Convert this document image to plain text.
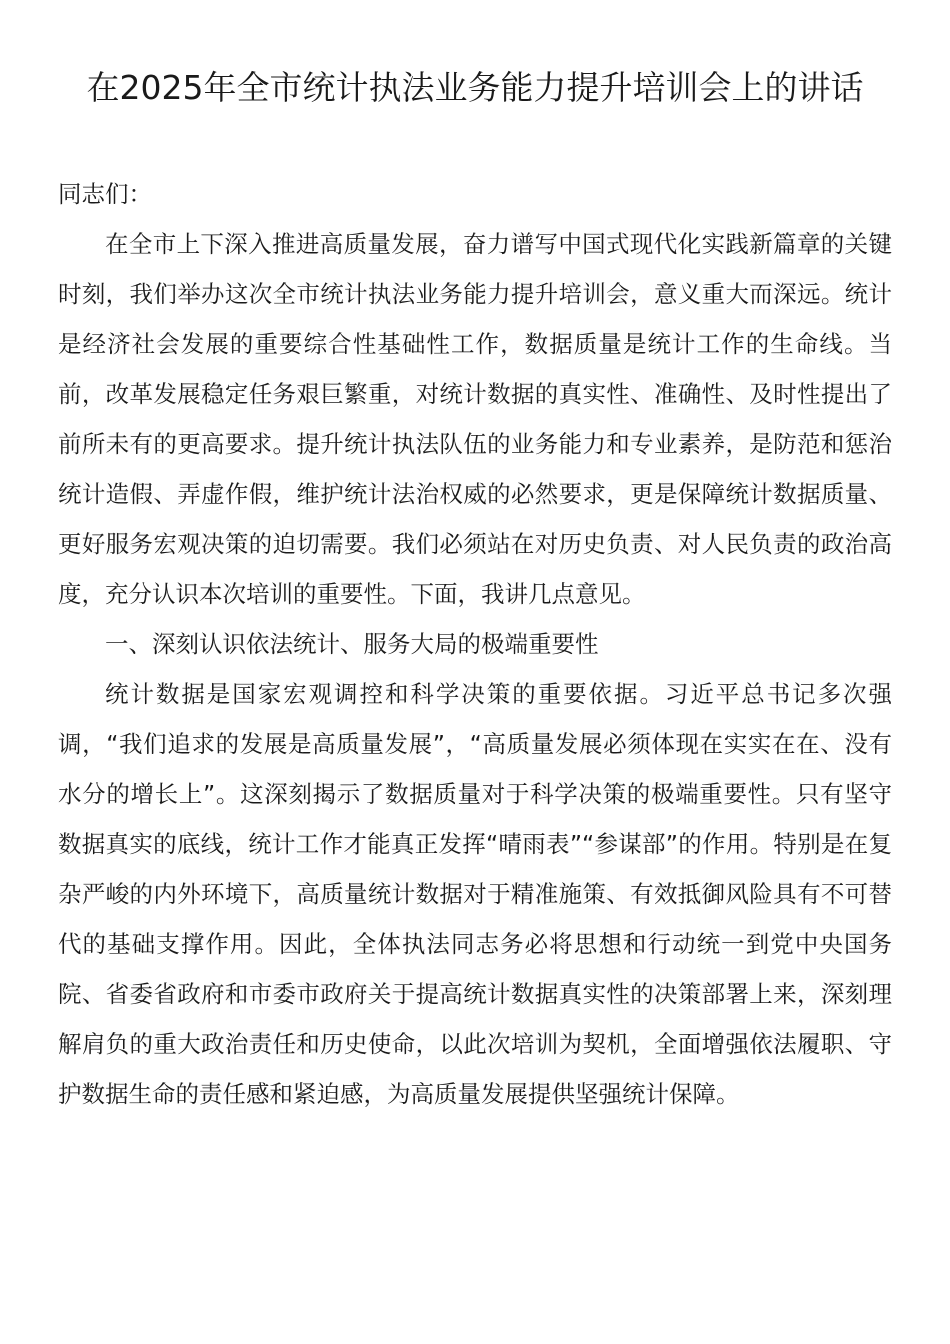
在2025年全市统计执法业务能力提升培训会上的讲话

同志们：

在全市上下深入推进高质量发展，奋力谱写中国式现代化实践新篇章的关键时刻，我们举办这次全市统计执法业务能力提升培训会，意义重大而深远。统计是经济社会发展的重要综合性基础性工作，数据质量是统计工作的生命线。当前，改革发展稳定任务艰巨繁重，对统计数据的真实性、准确性、及时性提出了前所未有的更高要求。提升统计执法队伍的业务能力和专业素养，是防范和惩治统计造假、弄虚作假，维护统计法治权威的必然要求，更是保障统计数据质量、更好服务宏观决策的迫切需要。我们必须站在对历史负责、对人民负责的政治高度，充分认识本次培训的重要性。下面，我讲几点意见。

一、深刻认识依法统计、服务大局的极端重要性

统计数据是国家宏观调控和科学决策的重要依据。习近平总书记多次强调，“我们追求的发展是高质量发展”，“高质量发展必须体现在实实在在、没有水分的增长上”。这深刻揭示了数据质量对于科学决策的极端重要性。只有坚守数据真实的底线，统计工作才能真正发挥“晴雨表”“参谋部”的作用。特别是在复杂严峻的内外环境下，高质量统计数据对于精准施策、有效抵御风险具有不可替代的基础支撑作用。因此，全体执法同志务必将思想和行动统一到党中央国务院、省委省政府和市委市政府关于提高统计数据真实性的决策部署上来，深刻理解肩负的重大政治责任和历史使命，以此次培训为契机，全面增强依法履职、守护数据生命的责任感和紧迫感，为高质量发展提供坚强统计保障。
